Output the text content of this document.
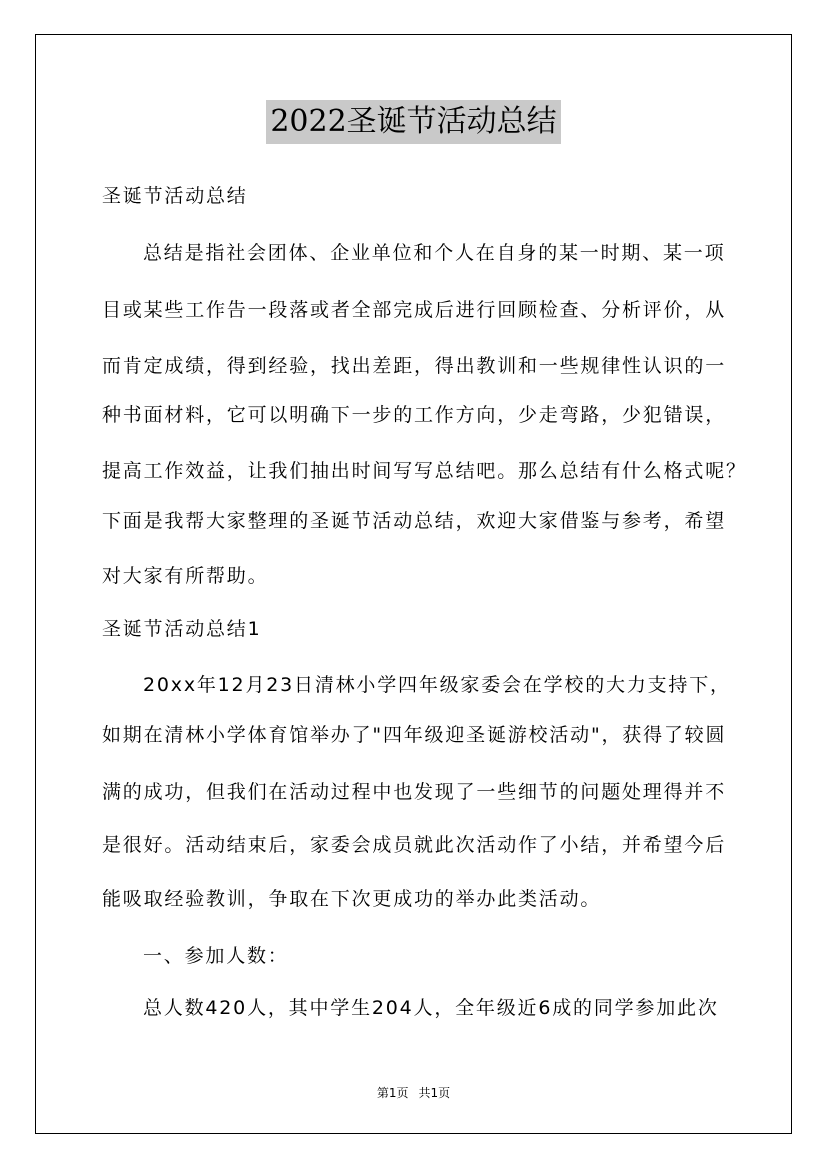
2022圣诞节活动总结
圣诞节活动总结
总结是指社会团体、企业单位和个人在自身的某一时期、某一项
目或某些工作告一段落或者全部完成后进行回顾检查、分析评价，从
而肯定成绩，得到经验，找出差距，得出教训和一些规律性认识的一
种书面材料，它可以明确下一步的工作方向，少走弯路，少犯错误，
提高工作效益，让我们抽出时间写写总结吧。那么总结有什么格式呢？
下面是我帮大家整理的圣诞节活动总结，欢迎大家借鉴与参考，希望
对大家有所帮助。
圣诞节活动总结1
20xx年12月23日清林小学四年级家委会在学校的大力支持下，
如期在清林小学体育馆举办了"四年级迎圣诞游校活动"，获得了较圆
满的成功，但我们在活动过程中也发现了一些细节的问题处理得并不
是很好。活动结束后，家委会成员就此次活动作了小结，并希望今后
能吸取经验教训，争取在下次更成功的举办此类活动。
一、参加人数：
总人数420人，其中学生204人，全年级近6成的同学参加此次
第1页 共1页
